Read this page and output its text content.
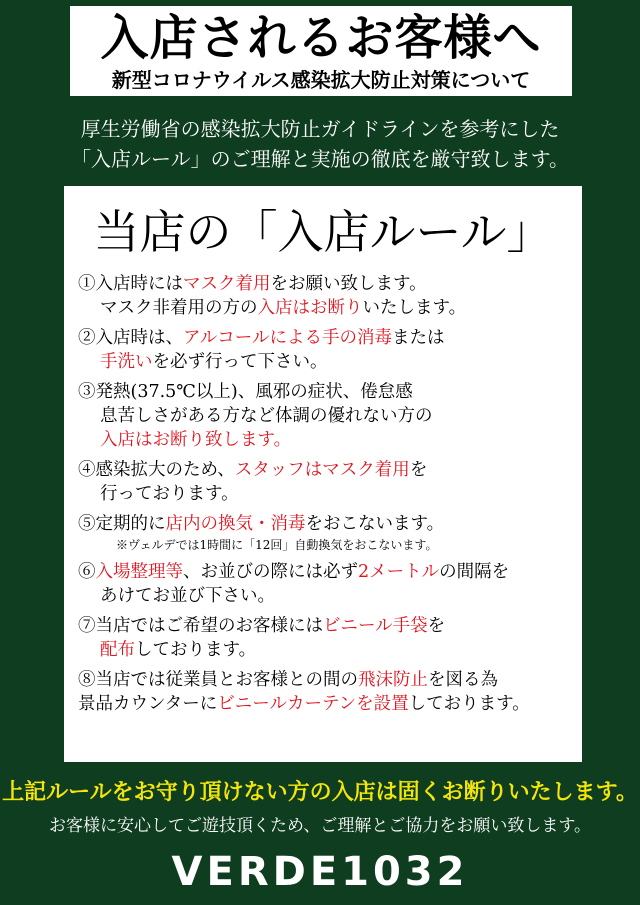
入店されるお客様へ
新型コロナウイルス感染拡大防止対策について
厚生労働省の感染拡大防止ガイドラインを参考にした
「入店ルール」のご理解と実施の徹底を厳守致します。
当店の「入店ルール」
①入店時にはマスク着用をお願い致します。
マスク非着用の方の入店はお断りいたします。
②入店時は、アルコールによる手の消毒または
手洗いを必ず行って下さい。
③発熱(37.5℃以上)、風邪の症状、倦怠感
息苦しさがある方など体調の優れない方の
入店はお断り致します。
④感染拡大のため、スタッフはマスク着用を
行っております。
⑤定期的に店内の換気・消毒をおこないます。
※ヴェルデでは1時間に「12回」自動換気をおこないます。
⑥入場整理等、お並びの際には必ず2メートルの間隔を
あけてお並び下さい。
⑦当店ではご希望のお客様にはビニール手袋を
配布しております。
⑧当店では従業員とお客様との間の飛沫防止を図る為
景品カウンターにビニールカーテンを設置しております。
上記ルールをお守り頂けない方の入店は固くお断りいたします。
お客様に安心してご遊技頂くため、ご理解とご協力をお願い致します。
VERDE1032
